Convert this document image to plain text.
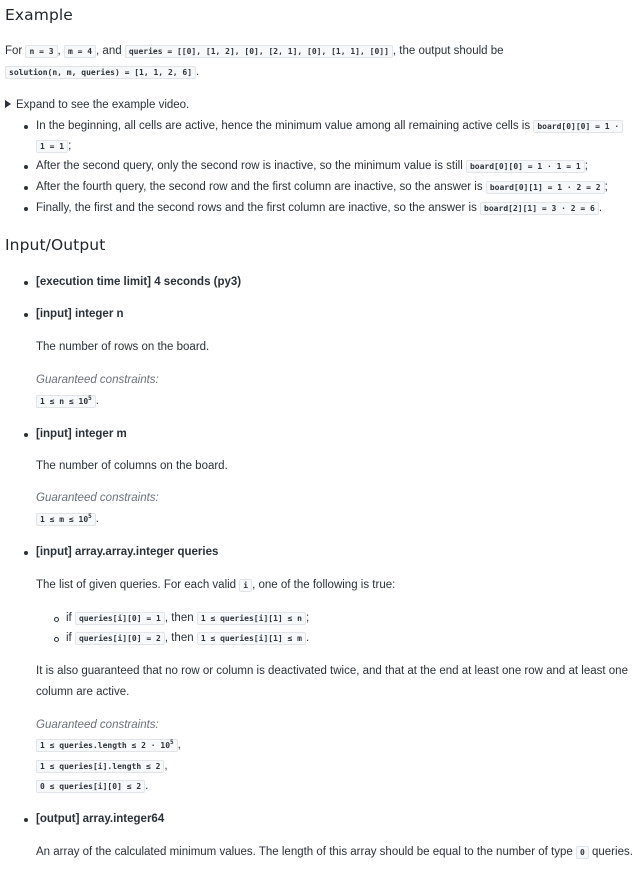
Example
For n = 3 , m = 4 , and queries = [[0], [1, 2], [0], [2, 1], [0], [1, 1], [0]] , the output should be
solution(n, m, queries) = [1, 1, 2, 6] .
Expand to see the example video.
In the beginning, all cells are active, hence the minimum value among all remaining active cells is board[0][0] = 1 ·
1 = 1 ;
After the second query, only the second row is inactive, so the minimum value is still board[0][0] = 1 · 1 = 1 ;
After the fourth query, the second row and the first column are inactive, so the answer is board[0][1] = 1 · 2 = 2 ;
Finally, the first and the second rows and the first column are inactive, so the answer is board[2][1] = 3 · 2 = 6 .
Input/Output
[execution time limit] 4 seconds (py3)
[input] integer n
The number of rows on the board.
Guaranteed constraints:
$1 \le n \le 10^5$ .
[input] integer m
The number of columns on the board.
Guaranteed constraints:
$1 \le m \le 10^5$ .
[input] array.array.integer queries
The list of given queries. For each valid i , one of the following is true:
if queries[i][0] = 1 , then 1 ≤ queries[i][1] ≤ n ;
if queries[i][0] = 2 , then 1 ≤ queries[i][1] ≤ m .
It is also guaranteed that no row or column is deactivated twice, and that at the end at least one row and at least one
column are active.
Guaranteed constraints:
1 ≤ queries.length ≤ $2 \cdot 10^5$ ,
1 ≤ queries[i].length ≤ 2 ,
0 ≤ queries[i][0] ≤ 2 .
[output] array.integer64
An array of the calculated minimum values. The length of this array should be equal to the number of type 0 queries.
